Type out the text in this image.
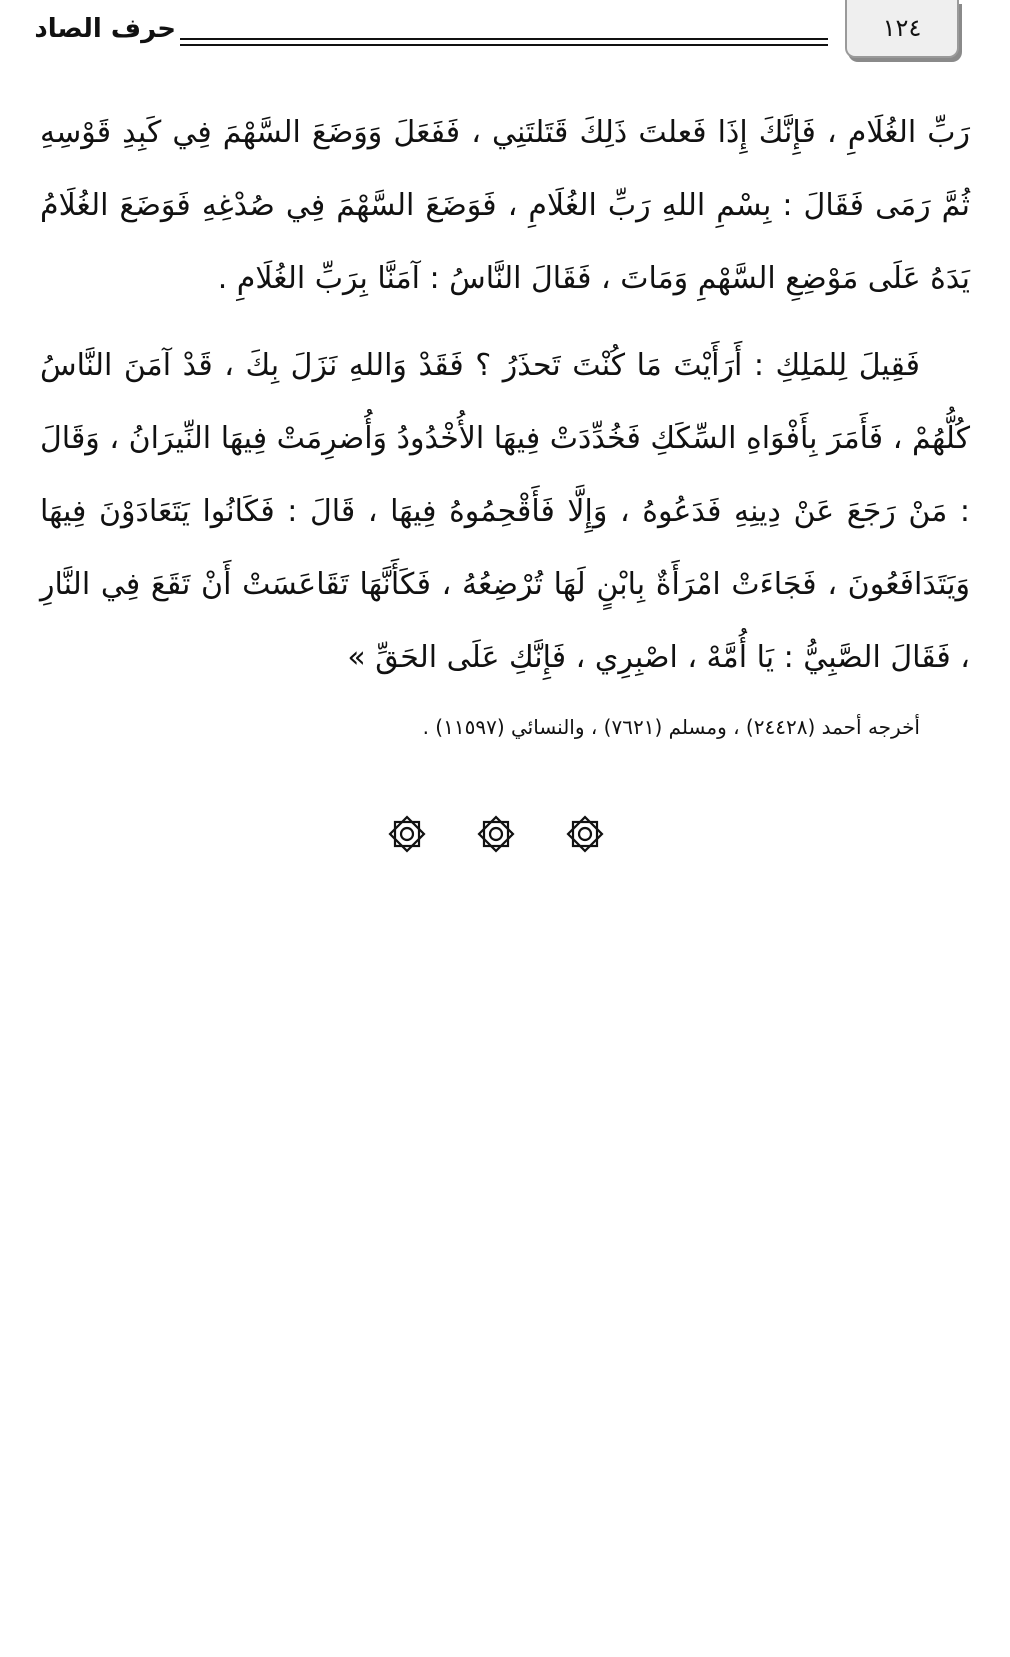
١٢٤
حرف الصاد

رَبِّ الغُلَامِ ، فَإِنَّكَ إِذَا فَعلتَ ذَلِكَ قَتَلتَنِي ، فَفَعَلَ وَوَضَعَ السَّهْمَ فِي كَبِدِ قَوْسِهِ ثُمَّ رَمَى فَقَالَ : بِسْمِ اللهِ رَبِّ الغُلَامِ ، فَوَضَعَ السَّهْمَ فِي صُدْغِهِ فَوَضَعَ الغُلَامُ يَدَهُ عَلَى مَوْضِعِ السَّهْمِ وَمَاتَ ، فَقَالَ النَّاسُ : آمَنَّا بِرَبِّ الغُلَامِ .

فَقِيلَ لِلمَلِكِ : أَرَأَيْتَ مَا كُنْتَ تَحذَرُ ؟ فَقَدْ وَاللهِ نَزَلَ بِكَ ، قَدْ آمَنَ النَّاسُ كُلُّهُمْ ، فَأَمَرَ بِأَفْوَاهِ السِّكَكِ فَخُدِّدَتْ فِيهَا الأُخْدُودُ وَأُضرِمَتْ فِيهَا النِّيرَانُ ، وَقَالَ : مَنْ رَجَعَ عَنْ دِينِهِ فَدَعُوهُ ، وَإِلَّا فَأَقْحِمُوهُ فِيهَا ، قَالَ : فَكَانُوا يَتَعَادَوْنَ فِيهَا وَيَتَدَافَعُونَ ، فَجَاءَتْ امْرَأَةٌ بِابْنٍ لَهَا تُرْضِعُهُ ، فَكَأَنَّهَا تَقَاعَسَتْ أَنْ تَقَعَ فِي النَّارِ ، فَقَالَ الصَّبِيُّ : يَا أُمَّهْ ، اصْبِرِي ، فَإِنَّكِ عَلَى الحَقِّ »

أخرجه أحمد (٢٤٤٢٨) ، ومسلم (٧٦٢١) ، والنسائي (١١٥٩٧) .
